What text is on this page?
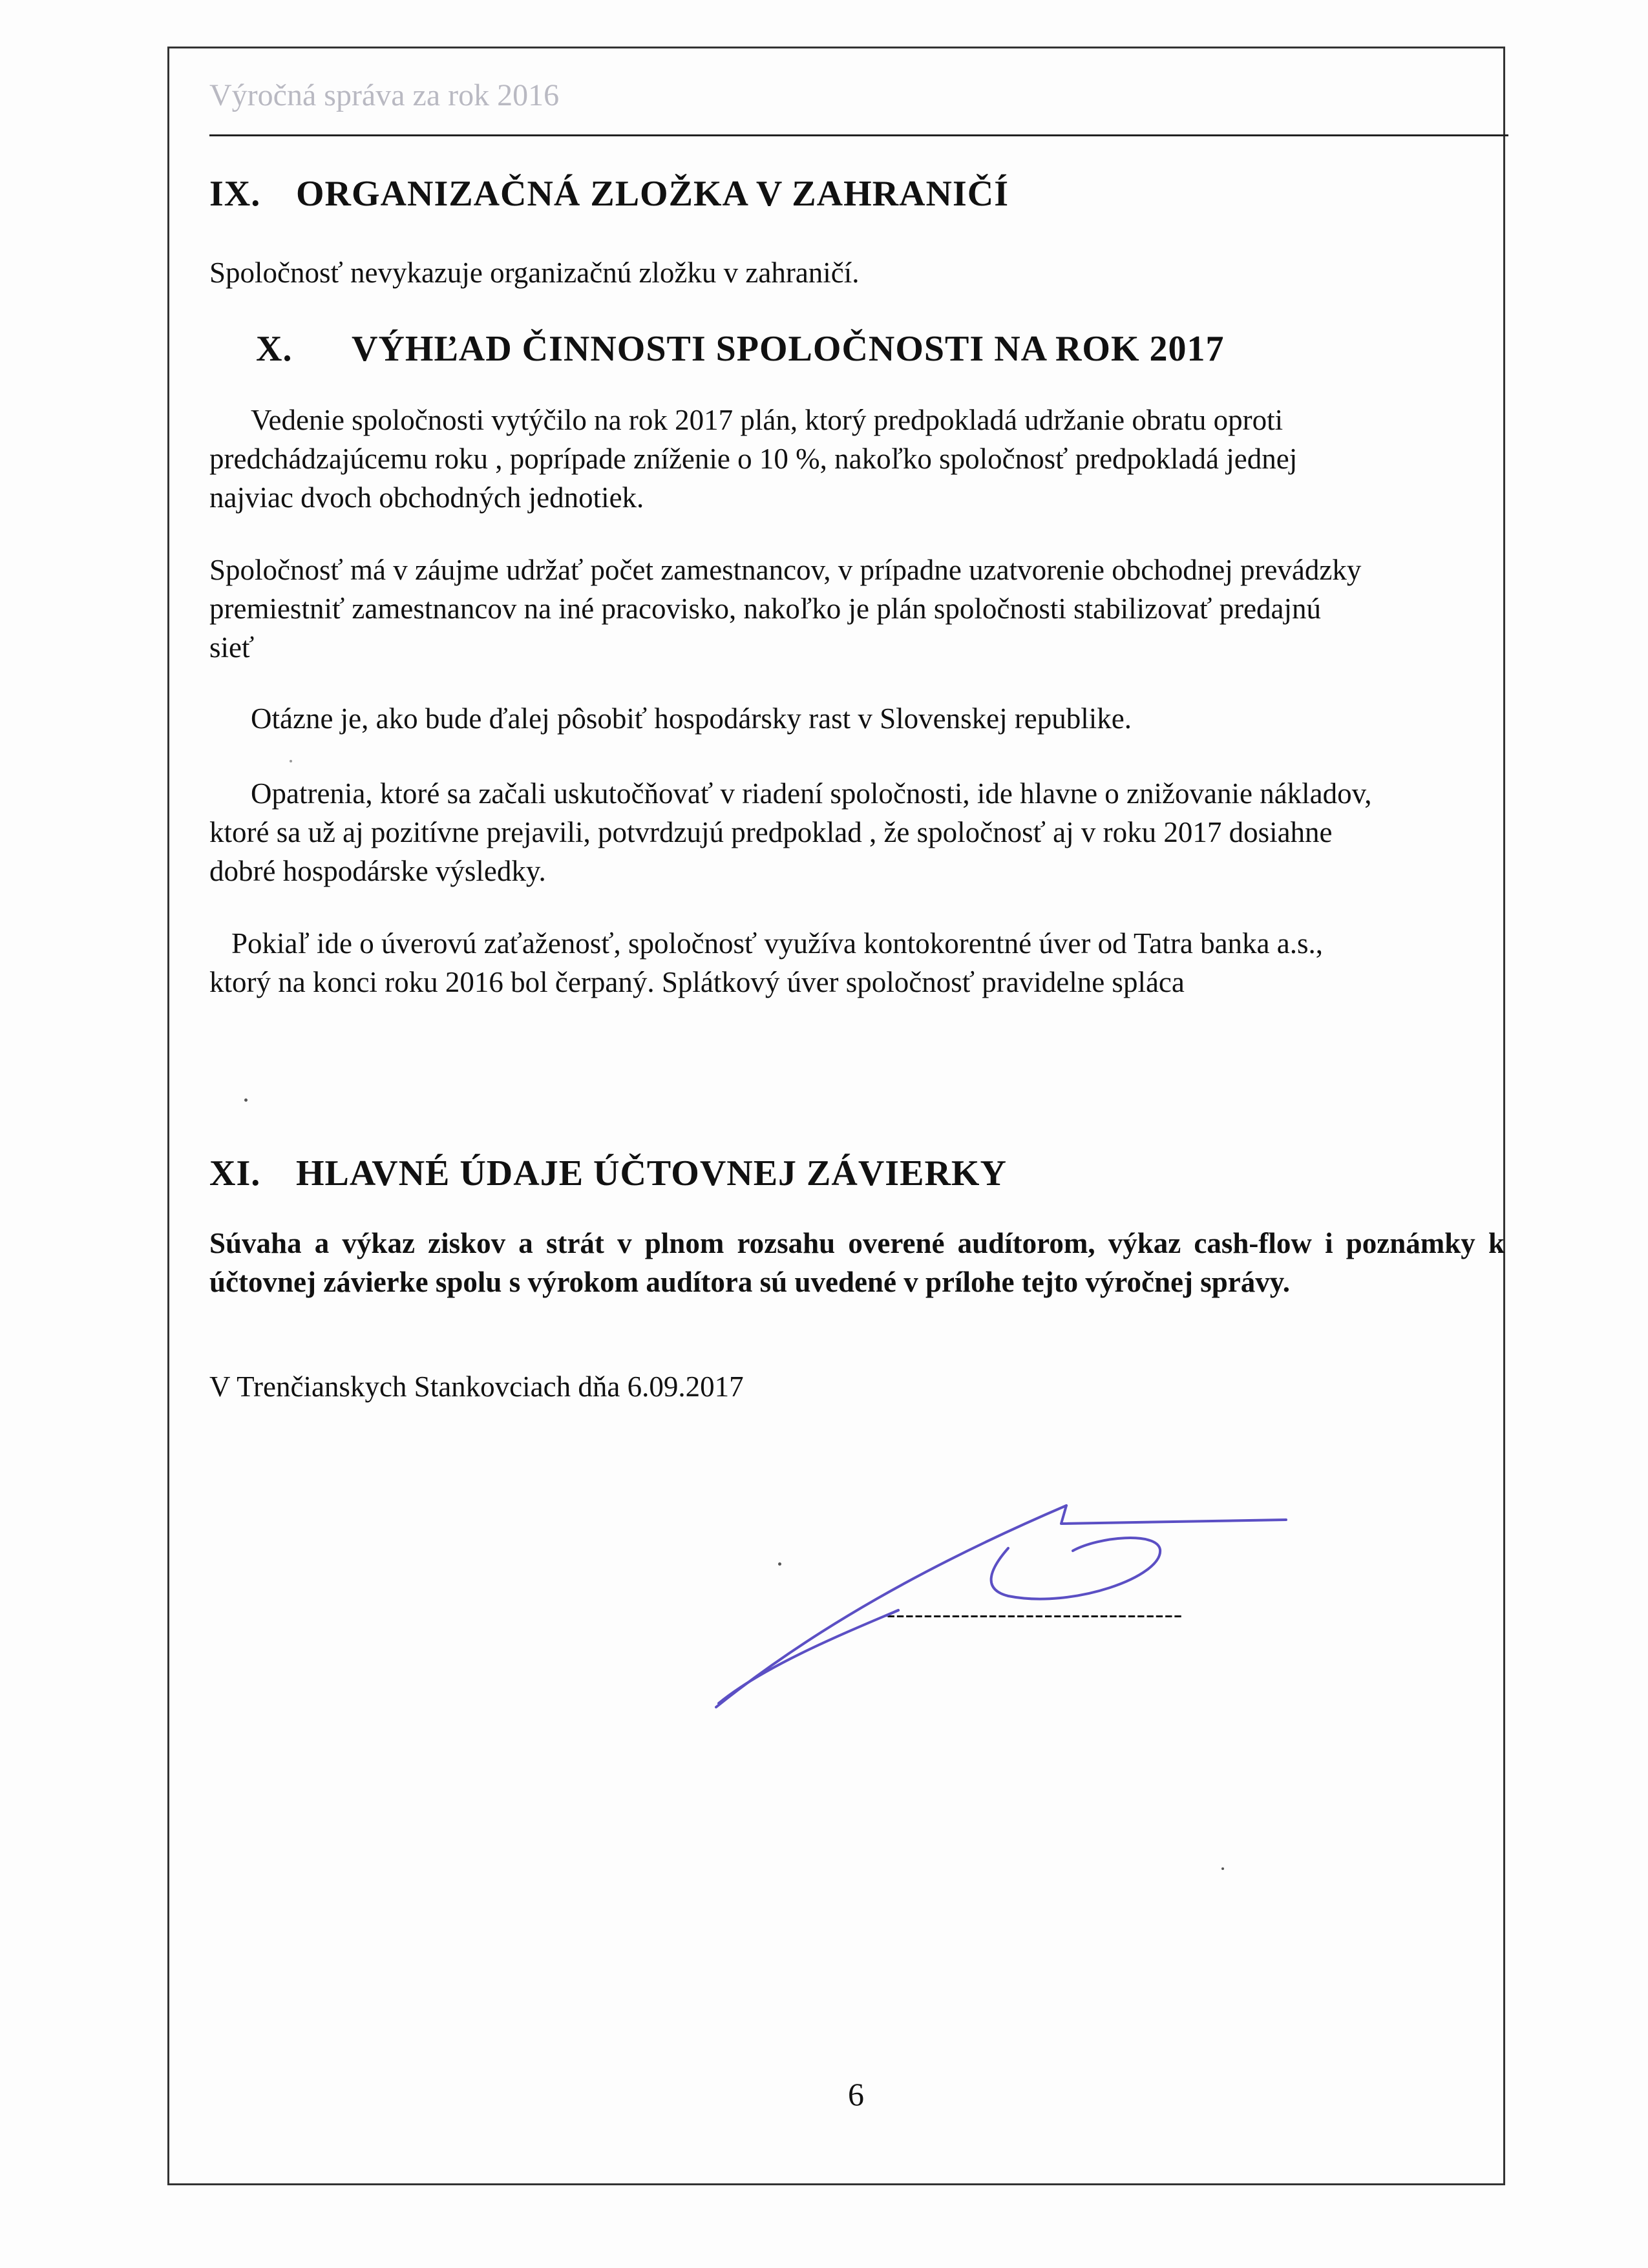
Výročná správa za rok 2016
IX. ORGANIZAČNÁ ZLOŽKA V ZAHRANIČÍ
Spoločnosť nevykazuje organizačnú zložku v zahraničí.
X. VÝHĽAD ČINNOSTI SPOLOČNOSTI NA ROK 2017
Vedenie spoločnosti vytýčilo na rok 2017 plán, ktorý predpokladá udržanie obratu oproti
predchádzajúcemu roku , poprípade zníženie o 10 %, nakoľko spoločnosť predpokladá jednej
najviac dvoch obchodných jednotiek.
Spoločnosť má v záujme udržať počet zamestnancov, v prípadne uzatvorenie obchodnej prevádzky
premiestniť zamestnancov na iné pracovisko, nakoľko je plán spoločnosti stabilizovať predajnú
sieť
Otázne je, ako bude ďalej pôsobiť hospodársky rast v Slovenskej republike.
Opatrenia, ktoré sa začali uskutočňovať v riadení spoločnosti, ide hlavne o znižovanie nákladov,
ktoré sa už aj pozitívne prejavili, potvrdzujú predpoklad , že spoločnosť aj v roku 2017 dosiahne
dobré hospodárske výsledky.
Pokiaľ ide o úverovú zaťaženosť, spoločnosť využíva kontokorentné úver od Tatra banka a.s.,
ktorý na konci roku 2016 bol čerpaný. Splátkový úver spoločnosť pravidelne spláca
XI. HLAVNÉ ÚDAJE ÚČTOVNEJ ZÁVIERKY
Súvaha a výkaz ziskov a strát v plnom rozsahu overené audítorom, výkaz cash-flow i poznámky k účtovnej závierke spolu s výrokom audítora sú uvedené v prílohe tejto výročnej správy.
V Trenčianskych Stankovciach dňa 6.09.2017
--------------------------------
6
